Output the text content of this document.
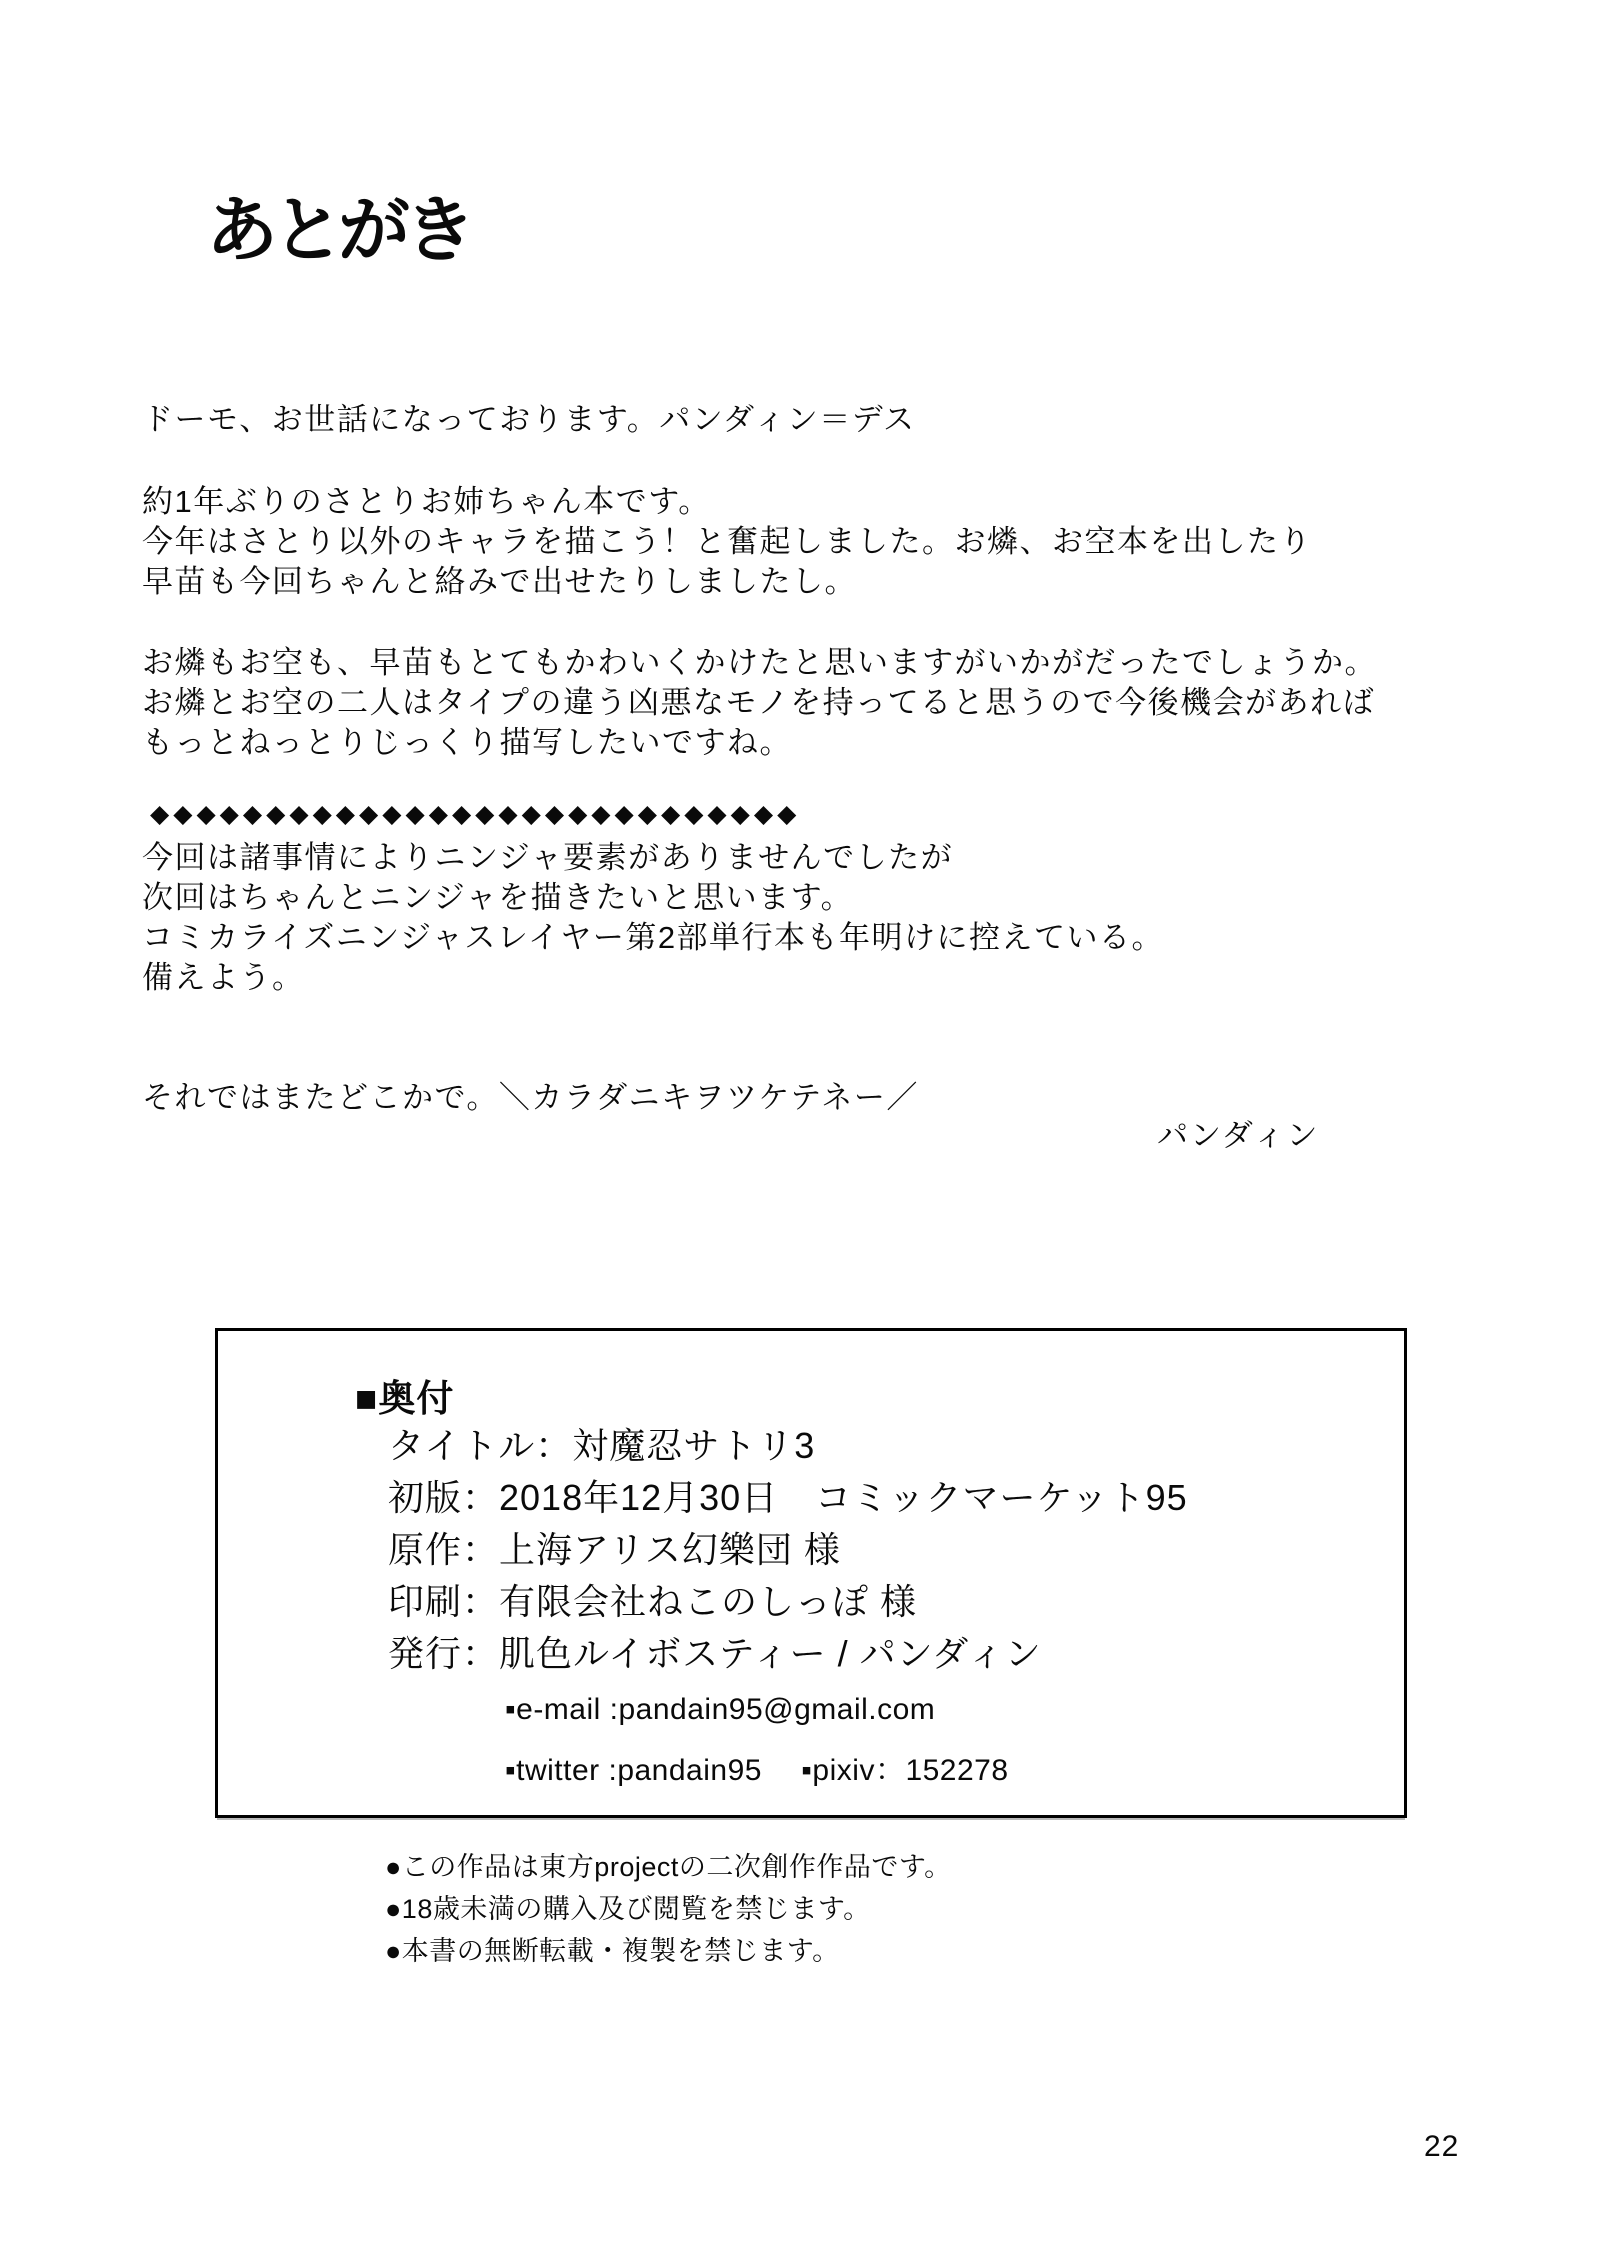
あとがき
ドーモ、お世話になっております。パンダィン＝デス
約1年ぶりのさとりお姉ちゃん本です。
今年はさとり以外のキャラを描こう！と奮起しました。お燐、お空本を出したり
早苗も今回ちゃんと絡みで出せたりしましたし。
お燐もお空も、早苗もとてもかわいくかけたと思いますがいかがだったでしょうか。
お燐とお空の二人はタイプの違う凶悪なモノを持ってると思うので今後機会があれば
もっとねっとりじっくり描写したいですね。
◆◆◆◆◆◆◆◆◆◆◆◆◆◆◆◆◆◆◆◆◆◆◆◆◆◆◆◆
今回は諸事情によりニンジャ要素がありませんでしたが
次回はちゃんとニンジャを描きたいと思います。
コミカライズニンジャスレイヤー第2部単行本も年明けに控えている。
備えよう。
それではまたどこかで。＼カラダニキヲツケテネー／
パンダィン
■奥付
タイトル：対魔忍サトリ3
初版：2018年12月30日　コミックマーケット95
原作：上海アリス幻樂団 様
印刷：有限会社ねこのしっぽ 様
発行：肌色ルイボスティー / パンダィン
▪e-mail :pandain95@gmail.com
▪twitter :pandain95　 ▪pixiv：152278
●この作品は東方projectの二次創作作品です。
●18歳未満の購入及び閲覧を禁じます。
●本書の無断転載・複製を禁じます。
22
